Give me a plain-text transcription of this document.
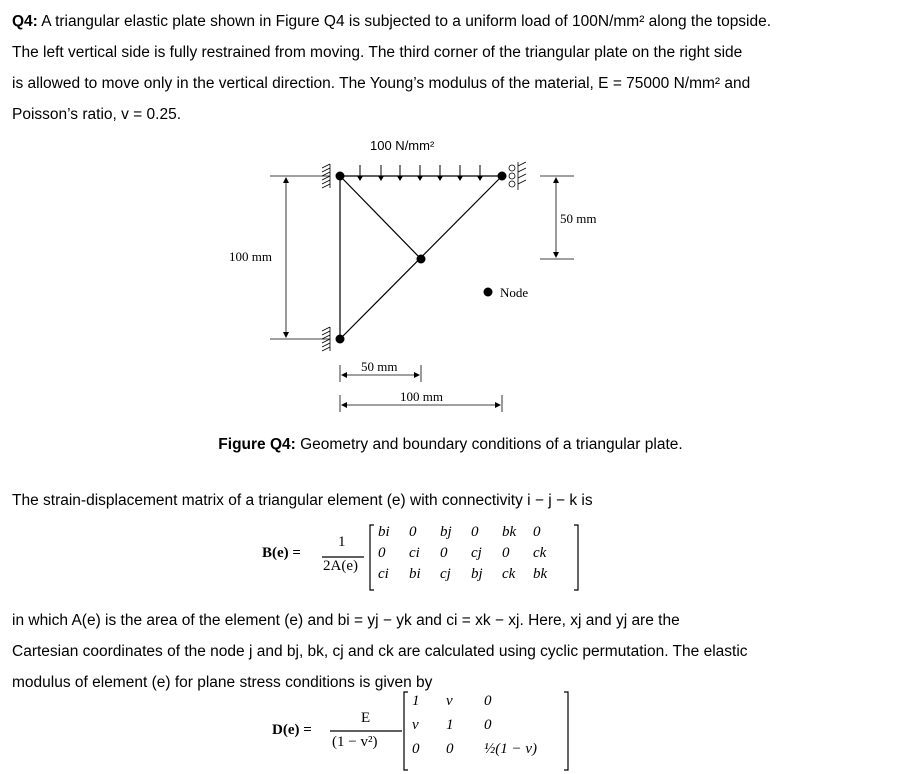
Q4: A triangular elastic plate shown in Figure Q4 is subjected to a uniform load of 100N/mm² along the topside.
The left vertical side is fully restrained from moving. The third corner of the triangular plate on the right side
is allowed to move only in the vertical direction. The Young’s modulus of the material, E = 75000 N/mm² and
Poisson’s ratio, v = 0.25.
100 N/mm²
100 mm
50 mm
50 mm
100 mm
Node
Figure Q4: Geometry and boundary conditions of a triangular plate.
The strain-displacement matrix of a triangular element (e) with connectivity i − j − k is
B(e) =
1
2A(e)
bi 0 bj 0 bk 0
0 ci 0 cj 0 ck
ci bi cj bj ck bk
in which A(e) is the area of the element (e) and bi = yj − yk and ci = xk − xj. Here, xj and yj are the
Cartesian coordinates of the node j and bj, bk, cj and ck are calculated using cyclic permutation. The elastic
modulus of element (e) for plane stress conditions is given by
D(e) =
E
(1 − v²)
1 v 0
v 1 0
0 0 ½(1 − v)
